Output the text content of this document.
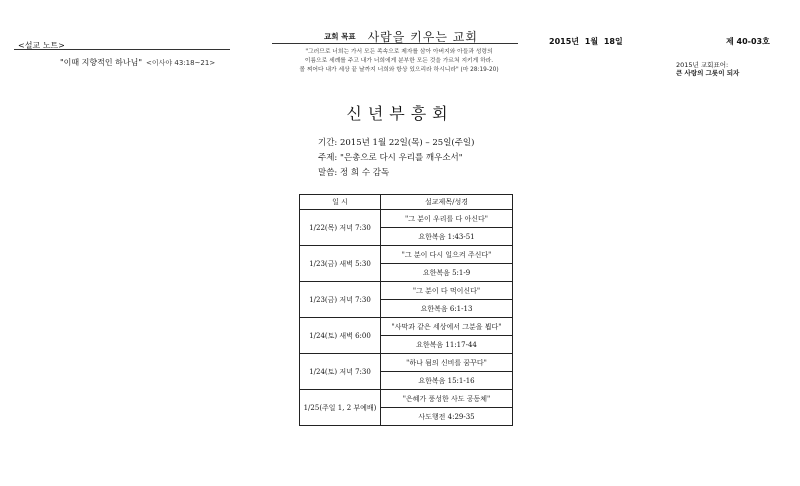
<설교 노트>
"이때 지향적인 하나님" <이사야 43:18~21>
교회 목표 사람을 키우는 교회
"그러므로 너희는 가서 모든 족속으로 제자를 삼아 아버지와 아들과 성령의
이름으로 세례를 주고 내가 너희에게 분부한 모든 것을 가르쳐 지키게 하라.
볼 찌어다 내가 세상 끝 날까지 너희와 항상 있으리라 하시니라" (마 28:19-20)
2015년 1월 18일	제 40-03호
2015년 교회표어:
큰 사랑의 그릇이 되자
신년부흥회
기간: 2015년 1월 22일(목) – 25일(주일)
주제: "은총으로 다시 우리를 깨우소서"
말씀: 정 희 수 감독
일 시	설교제목/성경
1/22(목) 저녁 7:30	"그 분이 우리를 다 아신다"
	요한복음 1:43-51
1/23(금) 새벽 5:30	"그 분이 다시 일으켜 주신다"
	요한복음 5:1-9
1/23(금) 저녁 7:30	"그 분이 다 먹이신다"
	요한복음 6:1-13
1/24(토) 새벽 6:00	"사막과 같은 세상에서 그분을 뵙다"
	요한복음 11:17-44
1/24(토) 저녁 7:30	"하나 됨의 신비를 꿈꾸다"
	요한복음 15:1-16
1/25(주일 1, 2 부예배)	"은혜가 풍성한 사도 공동체"
	사도행전 4:29-35
